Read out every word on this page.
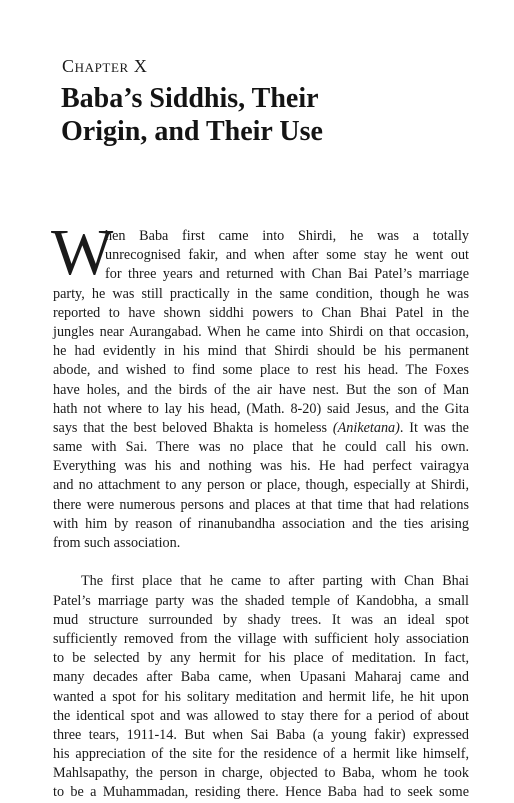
Chapter X
Baba’s Siddhis, Their
Origin, and Their Use
W
hen Baba first came into Shirdi, he was a totally
unrecognised fakir, and when after some stay he went out
for three years and returned with Chan Bai Patel’s marriage
party, he was still practically in the same condition, though he was
reported to have shown siddhi powers to Chan Bhai Patel in the
jungles near Aurangabad. When he came into Shirdi on that occasion,
he had evidently in his mind that Shirdi should be his permanent
abode, and wished to find some place to rest his head. The Foxes
have holes, and the birds of the air have nest. But the son of Man
hath not where to lay his head, (Math. 8-20) said Jesus, and the Gita
says that the best beloved Bhakta is homeless (Aniketana). It was the
same with Sai. There was no place that he could call his own.
Everything was his and nothing was his. He had perfect vairagya
and no attachment to any person or place, though, especially at Shirdi,
there were numerous persons and places at that time that had relations
with him by reason of rinanubandha association and the ties arising
from such association.
The first place that he came to after parting with Chan Bhai
Patel’s marriage party was the shaded temple of Kandobha, a small
mud structure surrounded by shady trees. It was an ideal spot
sufficiently removed from the village with sufficient holy association
to be selected by any hermit for his place of meditation. In fact,
many decades after Baba came, when Upasani Maharaj came and
wanted a spot for his solitary meditation and hermit life, he hit upon
the identical spot and was allowed to stay there for a period of about
three tears, 1911-14. But when Sai Baba (a young fakir) expressed
his appreciation of the site for the residence of a hermit like himself,
Mahlsapathy, the person in charge, objected to Baba, whom he took
to be a Muhammadan, residing there. Hence Baba had to seek some
